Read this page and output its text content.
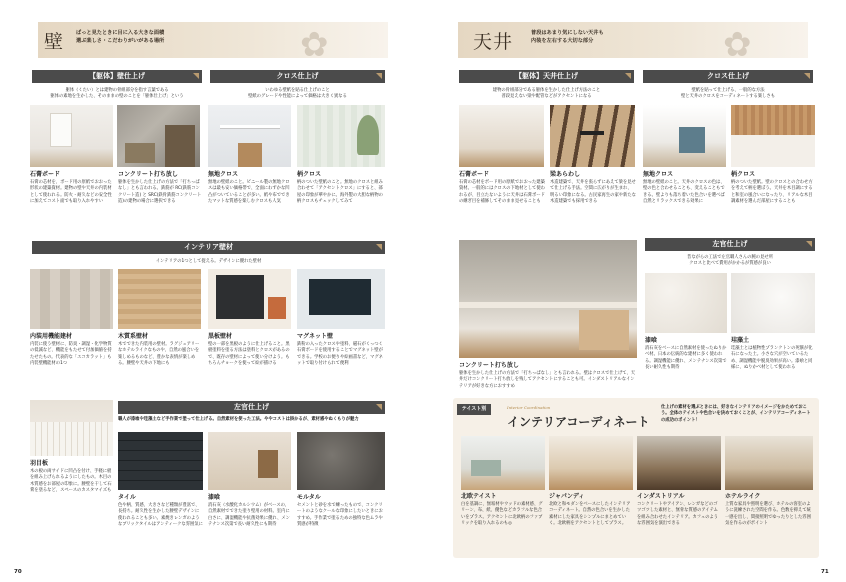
壁 ぱっと見たときに目に入る大きな面積
選ぶ楽しさ・こだわりがいがある場所	✿
【躯体】壁仕上げ
躯体（くたい）とは建物の骨組部分を指す言葉である
躯体の素地を生かした、そのままの壁のことを「躯体仕上げ」という
クロス仕上げ
いわゆる壁紙を貼る仕上げのこと
壁紙のグレードや性能によって価格は大きく異なる
石膏ボード
石膏の芯材を、ボード用の原紙でおおった形状の建築資材。建物の壁や天井の内装材として使われる。防火・耐久などの安全性に加えてコスト面でも取り入れやすい
コンクリート打ち放し
躯体を生かした仕上げの方法で「打ちっぱなし」とも言われる。鉄筋が RC(鉄筋コンクリート造) と SRC(鉄骨鉄筋コンクリート造)の建物の場合に選択できる
無地クロス
無地の壁紙のこと。ビニール製の無地クロスは最も安い価格帯で、全面にわずかな凹凸がついていることが多い。紙や布でできたマットな質感を楽しむクロスも人気
柄クロス
柄のついた壁紙のこと。無地のクロスと組み合わせて「アクセントクロス」にすると、部屋の印象が華やかに。海外製の大胆な柄物の柄クロスもチェックしてみて
インテリア壁材
インテリアの1つとして捉える。デザインに優れた壁材
内装用機能建材
内装に使う壁材に、防臭・調湿・化学物質の低減など、機能をもたせて付加価値を持たせたもの。代表的な「エコカラット」も内装壁機能材の1つ
木質系壁材
木でできた内装用の壁材。ラグジュアリーなホテルライクなものや、自然の風合いを楽しめるものなど、豊かな表情が楽しめる。腰壁や天井の下地にも
黒板壁材
壁の一部を黒板のように仕上げること。黒板塗料を塗る方法は塗料とクロスがあるので、既存の壁材によって使い分けよう。もちろんチョークを使って絵が描ける
マグネット壁
鉄粉の入ったクロスや塗料、磁石がくっつく石膏ボードを使用することでマグネット壁ができる。学校のお便りや絵画書など、マグネットで取り付けられて便利
羽目板
木の板の両サイドに凹凸を付け、手軽に板を組み上げられるようにしたもの。木目の木質感をお部屋の印象に。腰壁を干して石膏を塗るなど、スペースのカスタマイズも
左官仕上げ
職人が漆喰や珪藻土など手作業で塗って仕上げる。自然素材を使った工法。ややコストは掛かるが、素材感やぬくもりが魅力
タイル
色や柄、質感、大きさなど種類が豊富で、長持ち。耐久性を生かした腰壁デザインに使われることも多い。素焼きレンガのようなブリックタイルはアンティークな雰囲気に
漆喰
消石灰（水酸化カルシウム）がベースの、自然素材でできた塗り壁用の材料。室内に白さに、調湿機能や抗菌効果に優れ、メンテナンス次第で長い耐久性にも期待
モルタル
セメントと砂を水で練ったもので、コンクリートのようなクールな印象にしたいときにおすすめ。手作業で塗るための独特な色ムラや質感が特徴
70
天井	普段はあまり気にしない天井も
内装を左右する大切な部分	✿
【躯体】天井仕上げ
建物の骨組部分である躯体を生かした仕上げ方法のこと
普段見えない梁や配管などがアクセントになる
クロス仕上げ
壁紙を貼って仕上げる、一般的な方法
壁と天井のクロスをコーディネートする楽しさも
石膏ボード
石膏の芯材をボード用の原紙でおおった建築資材。一般的にはクロスの下地材として使われるが、目立たないように天井は石膏ボードの継ぎ目を補修してそのまま見せることも
梁あらわし
木造建築で、天井を張らずにあえて梁を見せて仕上げる手法。空間に広がりが生まれ、明るい印象になる。古民家再生の家や新たな木造建築でも採用できる
無地クロス
無地の壁紙のこと。天井のクロスの色は、壁の色と合わせることも、変えることもできる。壁よりも落ち着いた色合いを選べば自然とリラックスできる効果に
柄クロス
柄のついた壁紙。壁のクロスとの合わせ方を考えて柄を選ぼう。天井を木目調にすると和室の風合いになったり、リアルな木目調素材を選んだ部屋にすることも
コンクリート打ち放し
躯体を生かした仕上げの方法で「打ちっぱなし」とも言われる。壁はクロスで仕上げて、天井だけコンクリート打ち放しを残してアクセントにすることも可。インダストリアルなインテリアが好きな方におすすめ
左官仕上げ
昔ながらの工法で左官職人さんの腕の見せ所
クロスと比べて費用がかかるが質感が良い
漆喰
消石灰をベースに自然素材を使ったぬりかべ材。日本の伝統的な建材に多く使われる。調湿機能に優れ、メンテナンス次第で長い耐久性も期待
珪藻土
珪藻土とは植物性プランクトンの死骸が化石になった土。小さな穴が空いているため、調湿機能や脱臭効果が高い。漆喰と同様に、ぬりかべ材として使われる
テイスト別	Interior Coordination
インテリアコーディネート
仕上げの素材を選ぶときには、好きなインテリアのイメージをかためておこう。全体のテイストや色合いを決めておくことが、インテリアコーディネートの成功のポイント！
北欧テイスト
白を基調に、無垢材やウッドの素材感、グリーン、布、紙、優色などカラフルな色合いをプラス。アクセントに北欧柄のファブリックを取り入れるのも◎
ジャパンディ
北欧と和モダンをベースにしたインテリアコーディネート。自然の色合いを生かした素材にした家具をシンプルにまとめていく。北欧柄をアクセントとしてプラス。
インダストリアル
コンクリートやアイアン、レンガなどのゴツゴツした素材と、無骨な質感のアイテムを組み合わせたインテリア。カフェのような雰囲気を演出できる
ホテルライク
上質な家具や照明を選び、ホテルの客室のように洗練された空間を作る。色数を抑えて統一感を出し、間接照明でゆったりとした雰囲気を作るのがポイント
71
